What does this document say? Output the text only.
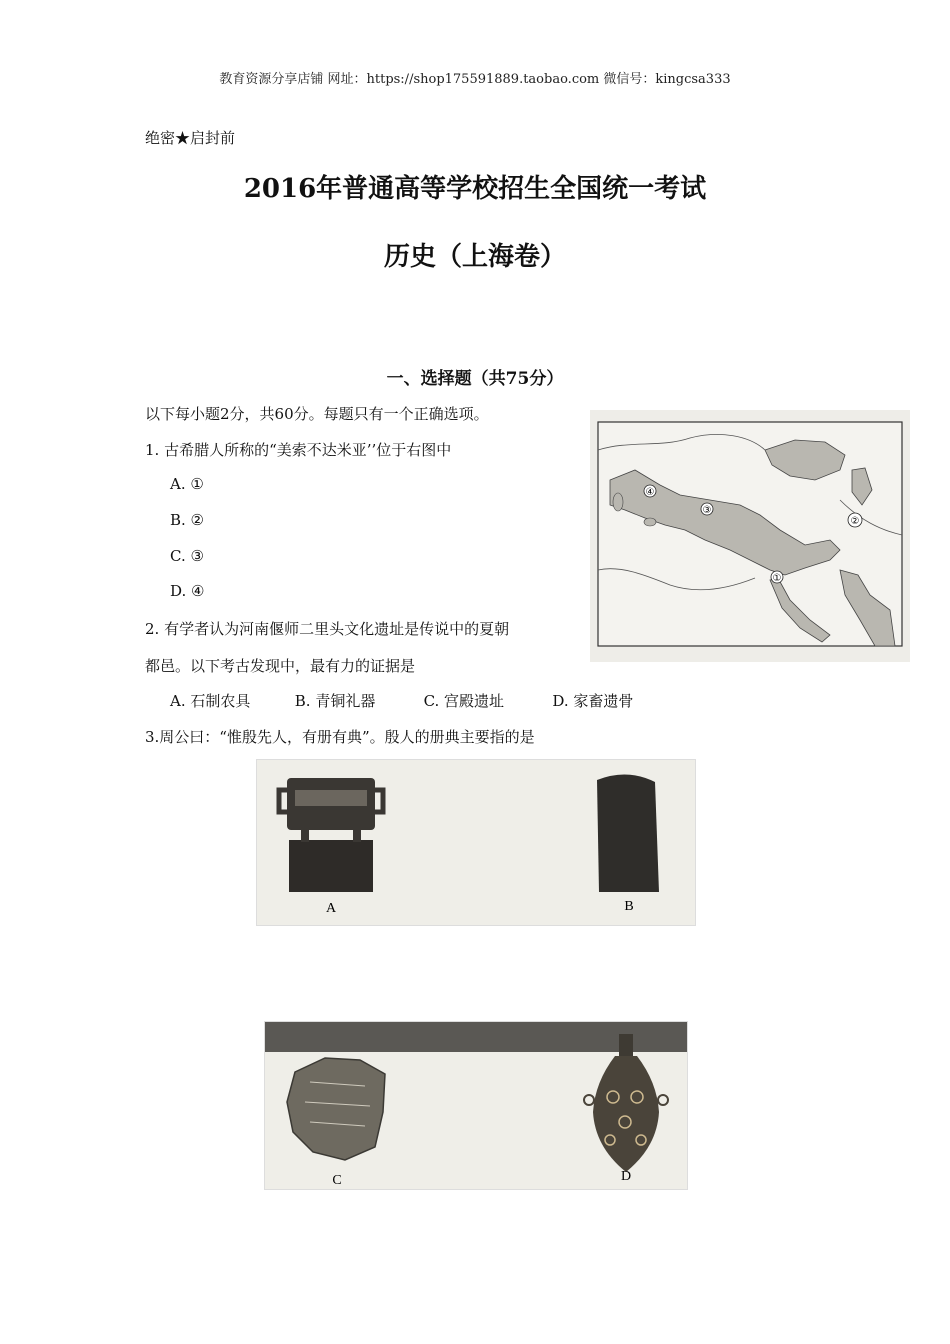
教育资源分享店铺 网址：https://shop175591889.taobao.com 微信号：kingcsa333
绝密★启封前
2016年普通高等学校招生全国统一考试
历史（上海卷）
一、选择题（共75分）
以下每小题2分，共60分。每题只有一个正确选项。
1. 古希腊人所称的“美索不达米亚’’位于右图中
A. ①
B. ②
C. ③
D. ④
①
②
③
④
2. 有学者认为河南偃师二里头文化遗址是传说中的夏朝
都邑。以下考古发现中，最有力的证据是
A. 石制农具	B. 青铜礼器	C. 宫殿遗址	D. 家畜遗骨
3.周公曰：“惟殷先人，有册有典”。殷人的册典主要指的是
A	B
C	D
